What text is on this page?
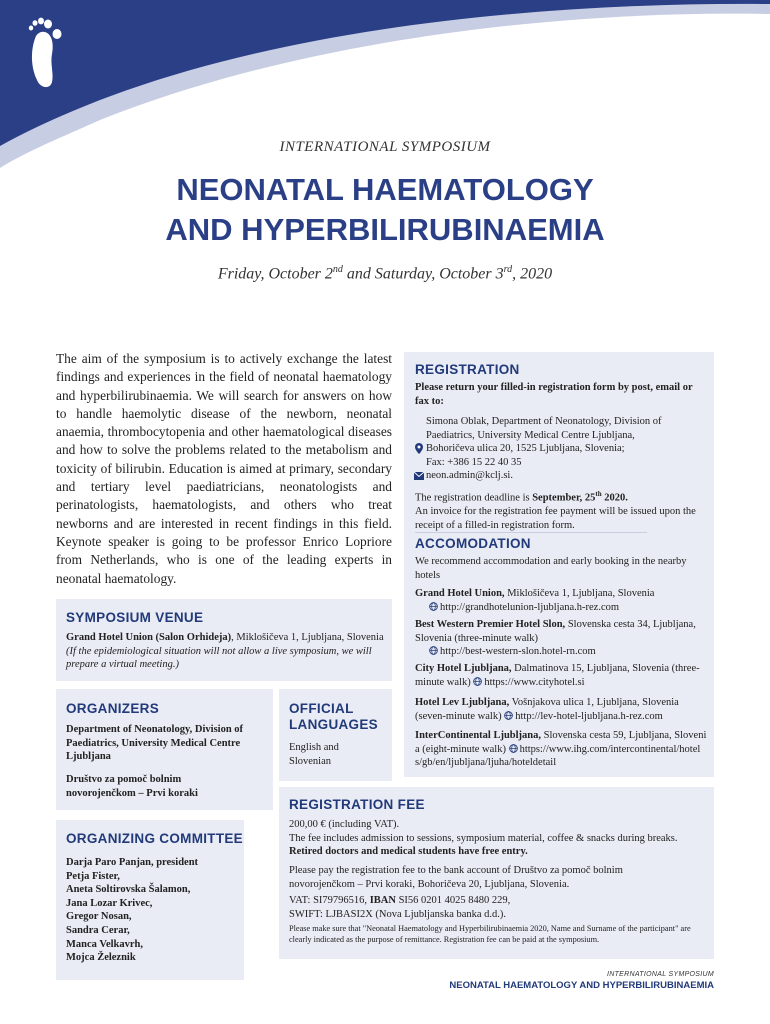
INTERNATIONAL SYMPOSIUM
NEONATAL HAEMATOLOGY
AND HYPERBILIRUBINAEMIA
Friday, October 2nd and Saturday, October 3rd, 2020
The aim of the symposium is to actively exchange the latest findings and experiences in the field of neonatal haematology and hyperbilirubinaemia. We will search for answers on how to handle haemolytic disease of the newborn, neonatal anaemia, thrombocytopenia and other haematological diseases and how to solve the problems related to the metabolism and toxicity of bilirubin. Education is aimed at primary, secondary and tertiary level paediatricians, neonatologists and perinatologists, haematologists, and others who treat newborns and are interested in recent findings in this field. Keynote speaker is going to be professor Enrico Lopriore from Netherlands, who is one of the leading experts in neonatal haematology.
SYMPOSIUM VENUE
Grand Hotel Union (Salon Orhideja), Miklošičeva 1, Ljubljana, Slovenia (If the epidemiological situation will not allow a live symposium, we will prepare a virtual meeting.)
ORGANIZERS
Department of Neonatology, Division of Paediatrics, University Medical Centre Ljubljana
Društvo za pomoč bolnim novorojenčkom – Prvi koraki
OFFICIAL
LANGUAGES
English and
Slovenian
ORGANIZING COMMITTEE
Darja Paro Panjan, president
Petja Fister,
Aneta Soltirovska Šalamon,
Jana Lozar Krivec,
Gregor Nosan,
Sandra Cerar,
Manca Velkavrh,
Mojca Železnik
REGISTRATION
Please return your filled-in registration form by post, email or fax to:
Simona Oblak, Department of Neonatology, Division of
Paediatrics, University Medical Centre Ljubljana,
Bohoričeva ulica 20, 1525 Ljubljana, Slovenia;
Fax: +386 15 22 40 35
neon.admin@kclj.si.
The registration deadline is September, 25th 2020.
An invoice for the registration fee payment will be issued upon the receipt of a filled-in registration form.
ACCOMODATION
We recommend accommodation and early booking in the nearby hotels
Grand Hotel Union, Miklošičeva 1, Ljubljana, Slovenia
http://grandhotelunion-ljubljana.h-rez.com
Best Western Premier Hotel Slon, Slovenska cesta 34, Ljubljana, Slovenia (three-minute walk)
http://best-western-slon.hotel-rn.com
City Hotel Ljubljana, Dalmatinova 15, Ljubljana, Slovenia (three-minute walk) https://www.cityhotel.si
Hotel Lev Ljubljana, Vošnjakova ulica 1, Ljubljana, Slovenia (seven-minute walk) http://lev-hotel-ljubljana.h-rez.com
InterContinental Ljubljana, Slovenska cesta 59, Ljubljana, Slovenia (eight-minute walk) https://www.ihg.com/intercontinental/hotels/gb/en/ljubljana/ljuha/hoteldetail
REGISTRATION FEE
200,00 € (including VAT).
The fee includes admission to sessions, symposium material, coffee & snacks during breaks.
Retired doctors and medical students have free entry.
Please pay the registration fee to the bank account of Društvo za pomoč bolnim novorojenčkom – Prvi koraki, Bohoričeva 20, Ljubljana, Slovenia.
VAT: SI79796516, IBAN SI56 0201 4025 8480 229,
SWIFT: LJBASI2X (Nova Ljubljanska banka d.d.).
Please make sure that "Neonatal Haematology and Hyperbilirubinaemia 2020, Name and Surname of the participant" are clearly indicated as the purpose of remittance. Registration fee can be paid at the symposium.
INTERNATIONAL SYMPOSIUM
NEONATAL HAEMATOLOGY AND HYPERBILIRUBINAEMIA
